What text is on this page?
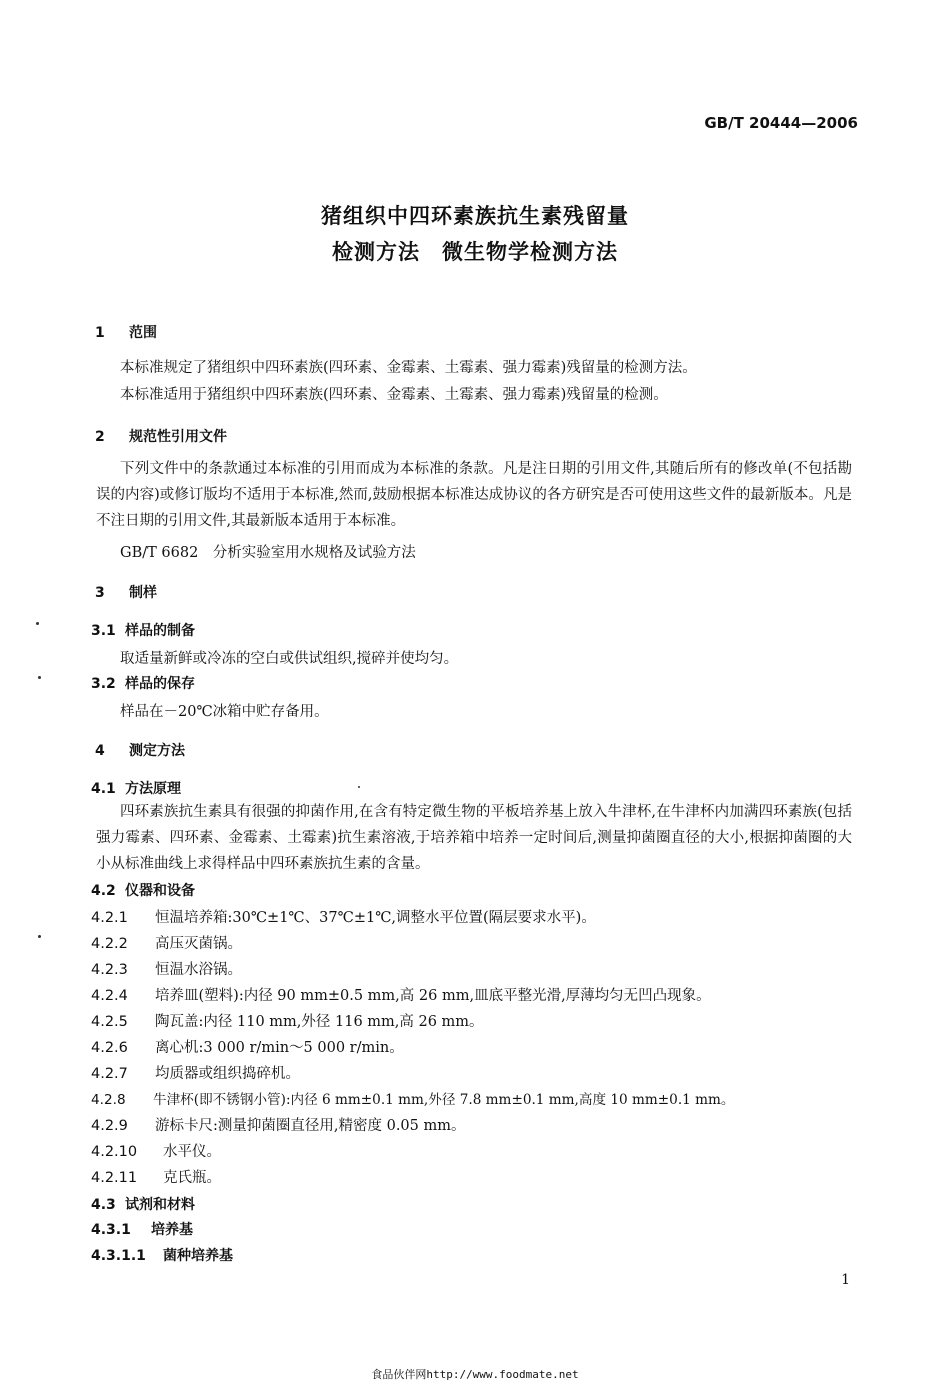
GB/T 20444—2006
猪组织中四环素族抗生素残留量
检测方法　微生物学检测方法
1 范围
本标准规定了猪组织中四环素族(四环素、金霉素、土霉素、强力霉素)残留量的检测方法。
本标准适用于猪组织中四环素族(四环素、金霉素、土霉素、强力霉素)残留量的检测。
2 规范性引用文件
下列文件中的条款通过本标准的引用而成为本标准的条款。凡是注日期的引用文件,其随后所有的修改单(不包括勘误的内容)或修订版均不适用于本标准,然而,鼓励根据本标准达成协议的各方研究是否可使用这些文件的最新版本。凡是不注日期的引用文件,其最新版本适用于本标准。
GB/T 6682　分析实验室用水规格及试验方法
3 制样
3.1 样品的制备
取适量新鲜或冷冻的空白或供试组织,搅碎并使均匀。
3.2 样品的保存
样品在－20℃冰箱中贮存备用。
4 测定方法
4.1 方法原理
四环素族抗生素具有很强的抑菌作用,在含有特定微生物的平板培养基上放入牛津杯,在牛津杯内加满四环素族(包括强力霉素、四环素、金霉素、土霉素)抗生素溶液,于培养箱中培养一定时间后,测量抑菌圈直径的大小,根据抑菌圈的大小从标准曲线上求得样品中四环素族抗生素的含量。
4.2 仪器和设备
4.2.1 恒温培养箱:30℃±1℃、37℃±1℃,调整水平位置(隔层要求水平)。
4.2.2 高压灭菌锅。
4.2.3 恒温水浴锅。
4.2.4 培养皿(塑料):内径 90 mm±0.5 mm,高 26 mm,皿底平整光滑,厚薄均匀无凹凸现象。
4.2.5 陶瓦盖:内径 110 mm,外径 116 mm,高 26 mm。
4.2.6 离心机:3 000 r/min～5 000 r/min。
4.2.7 均质器或组织捣碎机。
4.2.8 牛津杯(即不锈钢小管):内径 6 mm±0.1 mm,外径 7.8 mm±0.1 mm,高度 10 mm±0.1 mm。
4.2.9 游标卡尺:测量抑菌圈直径用,精密度 0.05 mm。
4.2.10 水平仪。
4.2.11 克氏瓶。
4.3 试剂和材料
4.3.1 培养基
4.3.1.1 菌种培养基
1
食品伙伴网http://www.foodmate.net
